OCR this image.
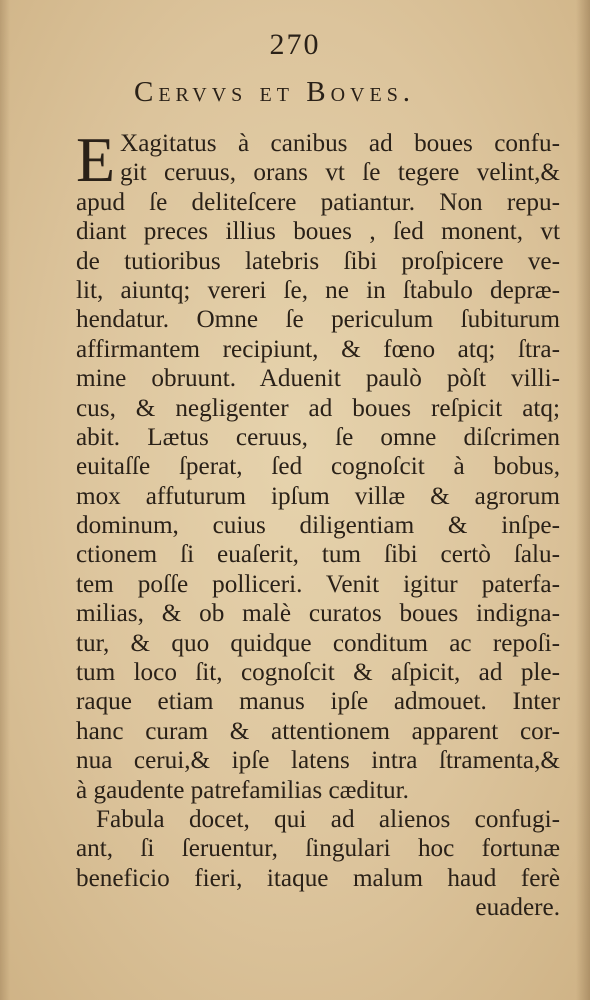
270
Cervvs et Boves.
E Xagitatus à canibus ad boues confu-
git ceruus, orans vt ſe tegere velint,&
apud ſe deliteſcere patiantur. Non repu-
diant preces illius boues , ſed monent, vt
de tutioribus latebris ſibi proſpicere ve-
lit, aiuntq; vereri ſe, ne in ſtabulo depræ-
hendatur. Omne ſe periculum ſubiturum
affirmantem recipiunt, & fœno atq; ſtra-
mine obruunt. Aduenit paulò pòſt villi-
cus, & negligenter ad boues reſpicit atq;
abit. Lætus ceruus, ſe omne diſcrimen
euitaſſe ſperat, ſed cognoſcit à bobus,
mox affuturum ipſum villæ & agrorum
dominum, cuius diligentiam & inſpe-
ctionem ſi euaſerit, tum ſibi certò ſalu-
tem poſſe polliceri. Venit igitur paterfa-
milias, & ob malè curatos boues indigna-
tur, & quo quidque conditum ac repoſi-
tum loco ſit, cognoſcit & aſpicit, ad ple-
raque etiam manus ipſe admouet. Inter
hanc curam & attentionem apparent cor-
nua cerui,& ipſe latens intra ſtramenta,&
à gaudente patrefamilias cæditur.
Fabula docet, qui ad alienos confugi-
ant, ſi ſeruentur, ſingulari hoc fortunæ
beneficio fieri, itaque malum haud ferè
euadere.
